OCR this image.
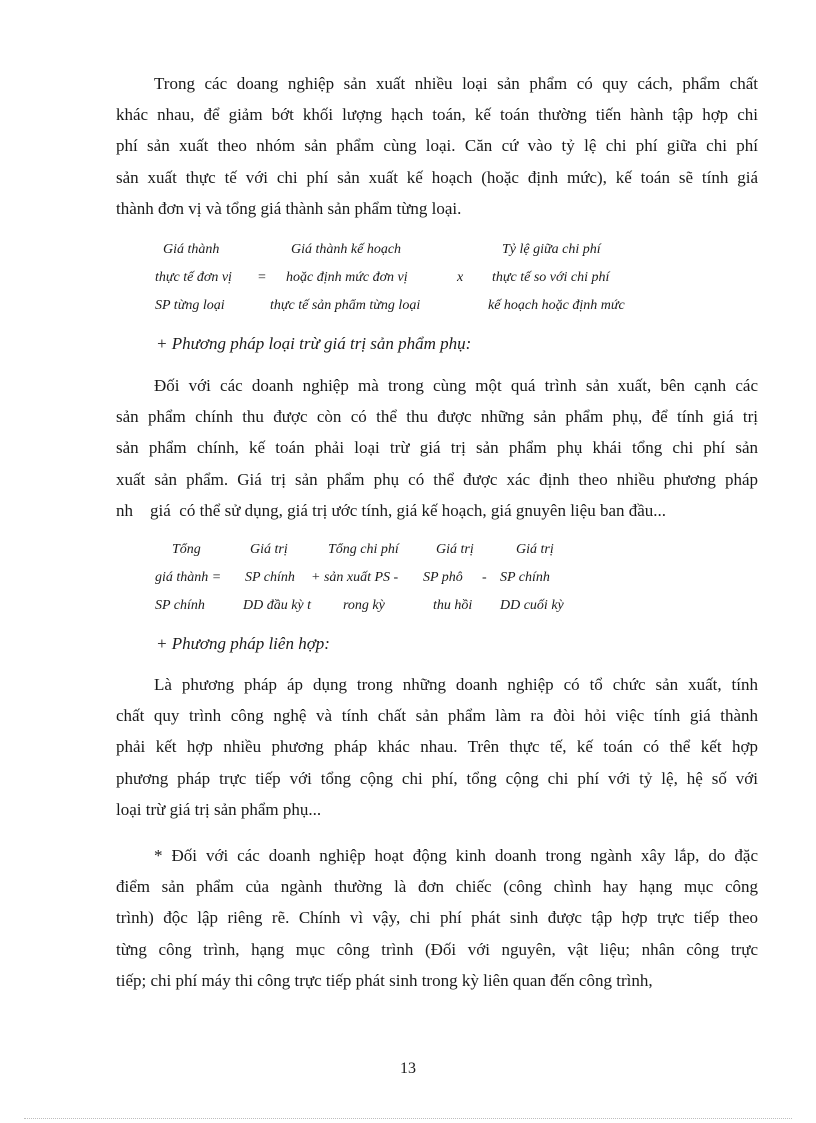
Trong các doang nghiệp sản xuất nhiều loại sản phẩm có quy cách, phẩm chất
khác nhau, để giảm bớt khối lượng hạch toán, kế toán thường tiến hành tập hợp chi
phí sản xuất theo nhóm sản phẩm cùng loại. Căn cứ vào tỷ lệ chi phí giữa chi phí
sản xuất thực tế với chi phí sản xuất kế hoạch (hoặc định mức), kế toán sẽ tính giá
thành đơn vị và tổng giá thành sản phẩm từng loại.
Giá thành	Giá thành kế hoạch	Tỷ lệ giữa chi phí
thực tế đơn vị = hoặc định mức đơn vị	x thực tế so với chi phí
SP từng loại	thực tế sản phẩm từng loại	kế hoạch hoặc định mức
+ Phương pháp loại trừ giá trị sản phẩm phụ:
Đối với các doanh nghiệp mà trong cùng một quá trình sản xuất, bên cạnh các
sản phẩm chính thu được còn có thể thu được những sản phẩm phụ, để tính giá trị
sản phẩm chính, kế toán phải loại trừ giá trị sản phẩm phụ khái tổng chi phí sản
xuất sản phẩm. Giá trị sản phẩm phụ có thể được xác định theo nhiều phương pháp
nh    giá  có thể sử dụng, giá trị ước tính, giá kế hoạch, giá gnuyên liệu ban đầu...
Tổng	Giá trị	Tổng chi phí	Giá trị	Giá trị
giá thành = SP chính + sản xuất PS - SP phô - SP chính
SP chính	DD đầu kỳ t rong kỳ	thu hồi DD cuối kỳ
+ Phương pháp liên hợp:
Là phương pháp áp dụng trong những doanh nghiệp có tổ chức sản xuất, tính
chất quy trình công nghệ và tính chất sản phẩm làm ra đòi hỏi việc tính giá thành
phải kết hợp nhiều phương pháp khác nhau. Trên thực tế, kế toán có thể kết hợp
phương pháp trực tiếp với tổng cộng chi phí, tổng cộng chi phí với tỷ lệ, hệ số với
loại trừ giá trị sản phẩm phụ...
* Đối với các doanh nghiệp hoạt động kinh doanh trong ngành xây lắp, do đặc
điểm sản phẩm của ngành thường là đơn chiếc (công chình hay hạng mục công
trình) độc lập riêng rẽ. Chính vì vậy, chi phí phát sinh được tập hợp trực tiếp theo
từng công trình, hạng mục công trình (Đối với nguyên, vật liệu; nhân công trực
tiếp; chi phí máy thi công trực tiếp phát sinh trong kỳ liên quan đến công trình,
13
